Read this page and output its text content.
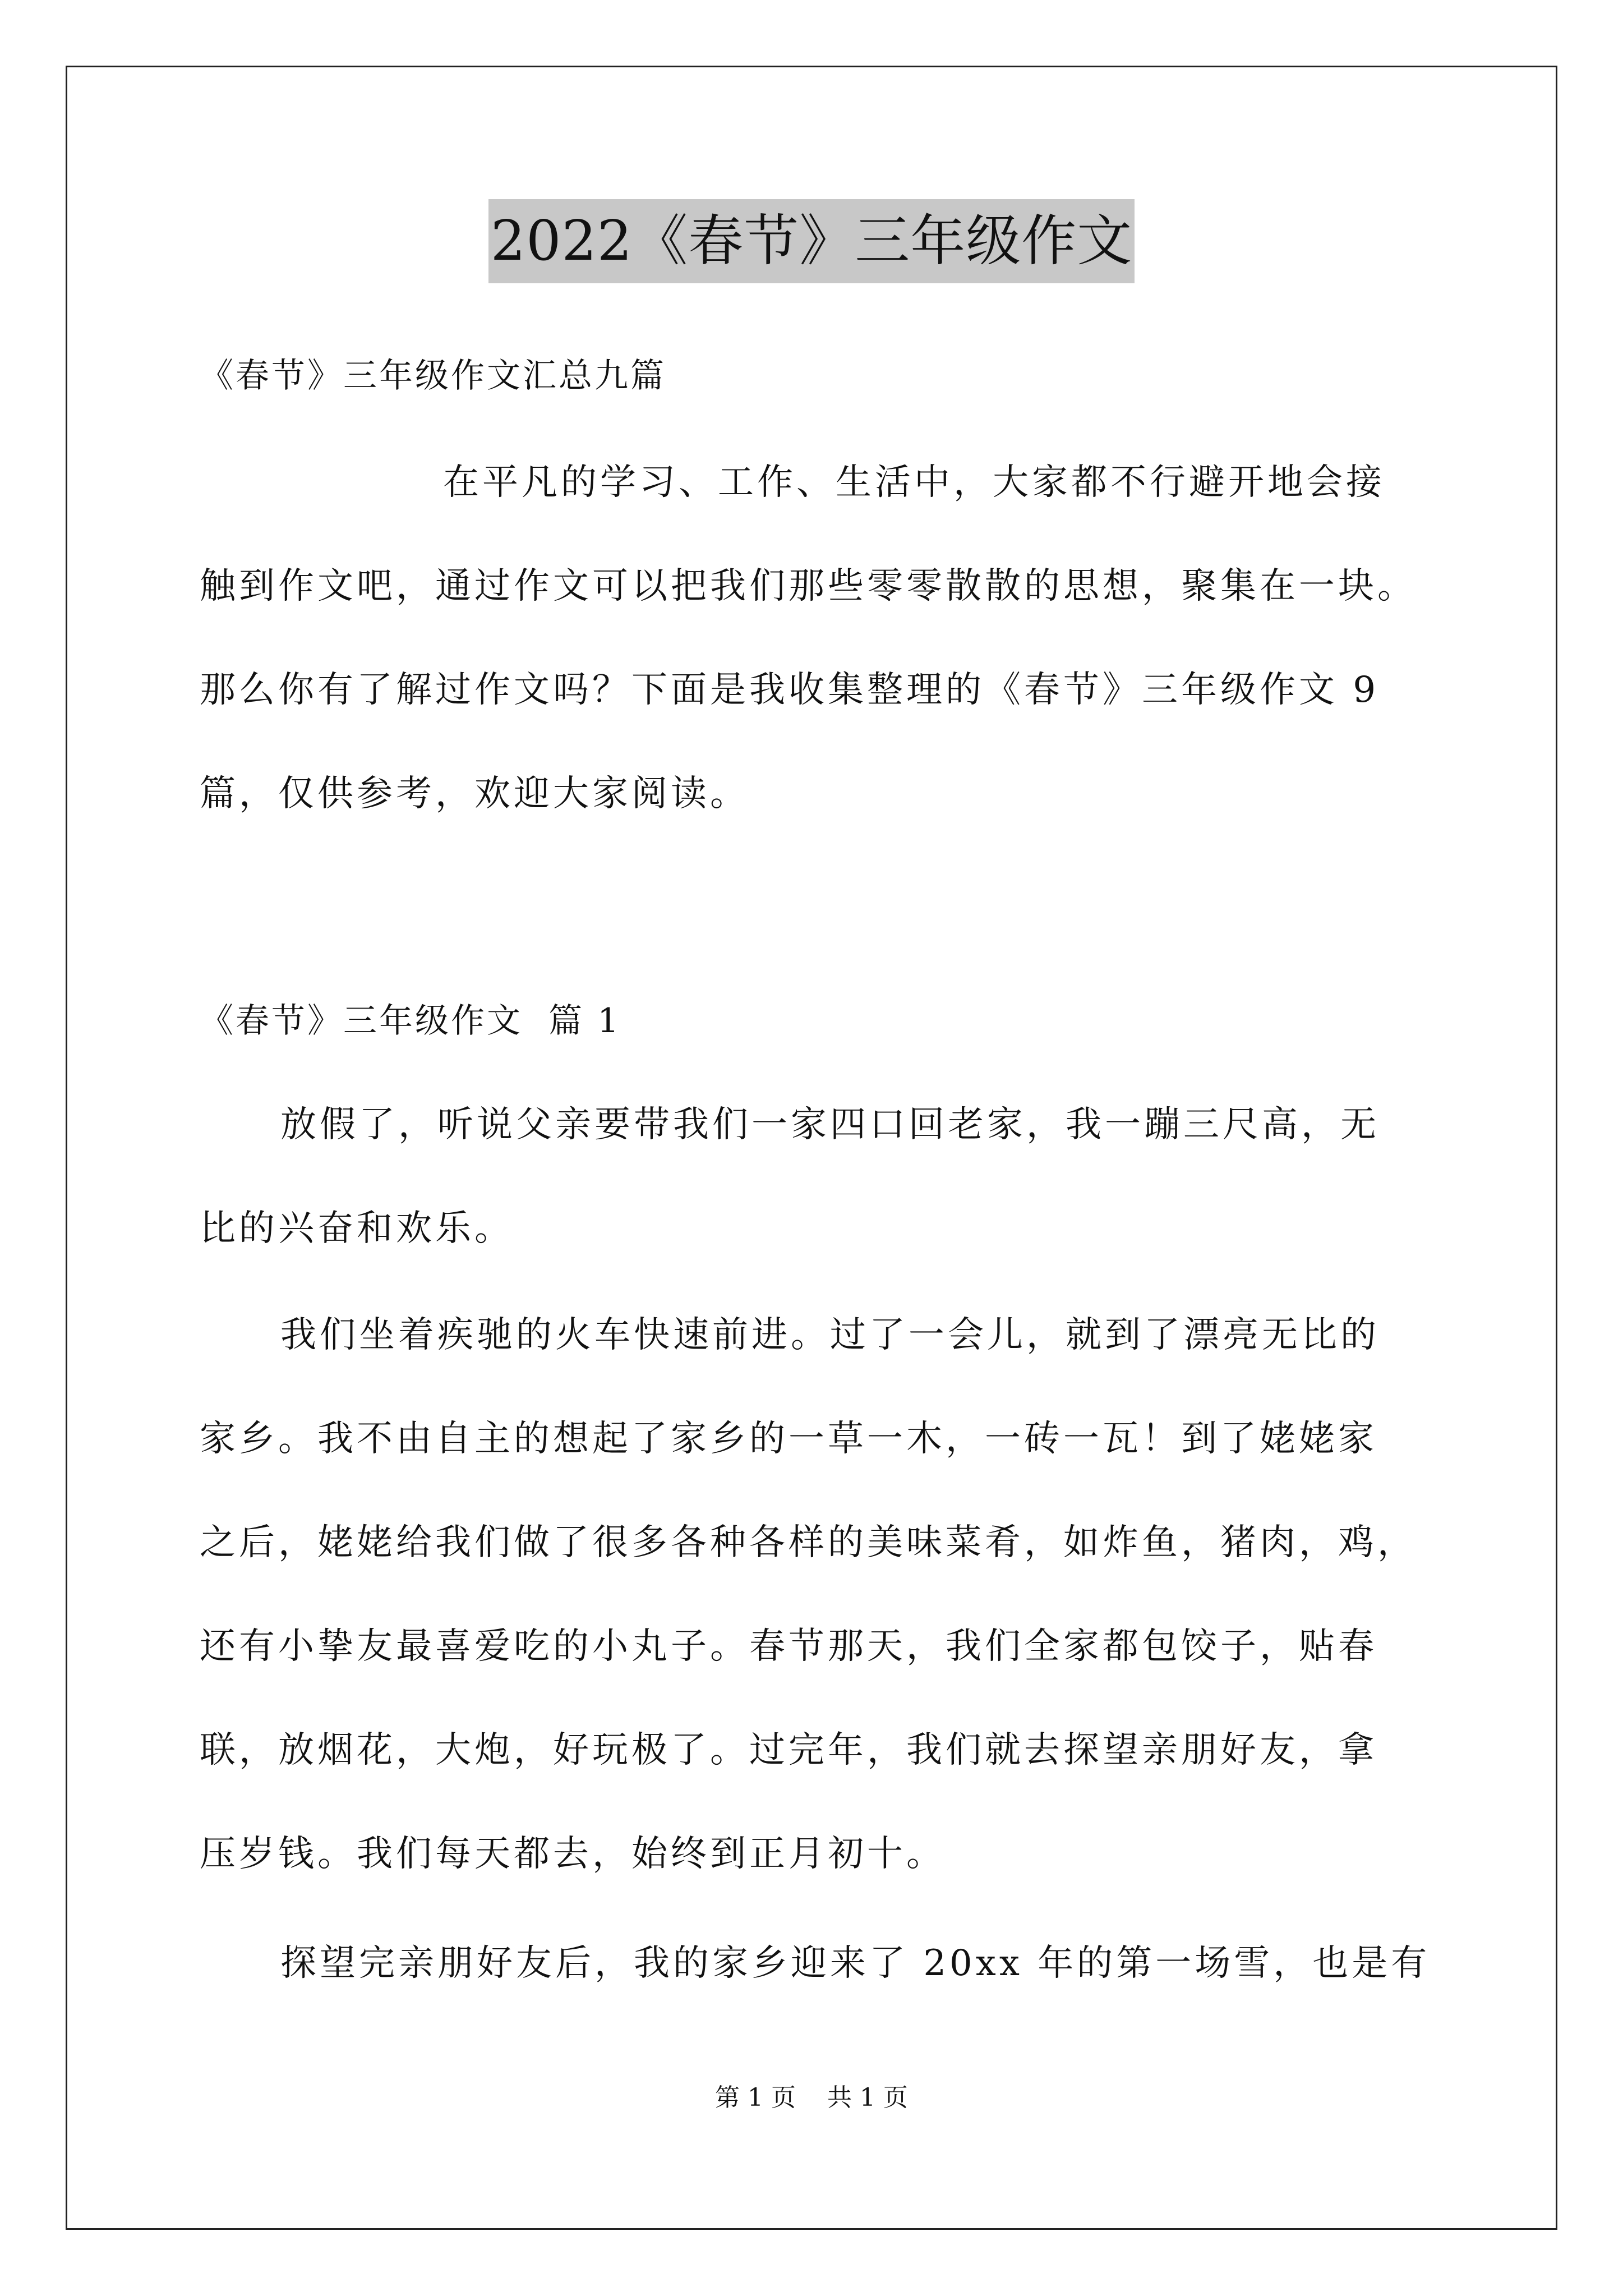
2022《春节》三年级作文
《春节》三年级作文汇总九篇
在平凡的学习、工作、生活中，大家都不行避开地会接
触到作文吧，通过作文可以把我们那些零零散散的思想，聚集在一块。
那么你有了解过作文吗？下面是我收集整理的《春节》三年级作文 9
篇，仅供参考，欢迎大家阅读。
《春节》三年级作文  篇 1
放假了，听说父亲要带我们一家四口回老家，我一蹦三尺高，无
比的兴奋和欢乐。
我们坐着疾驰的火车快速前进。过了一会儿，就到了漂亮无比的
家乡。我不由自主的想起了家乡的一草一木，一砖一瓦！到了姥姥家
之后，姥姥给我们做了很多各种各样的美味菜肴，如炸鱼，猪肉，鸡，
还有小挚友最喜爱吃的小丸子。春节那天，我们全家都包饺子，贴春
联，放烟花，大炮，好玩极了。过完年，我们就去探望亲朋好友，拿
压岁钱。我们每天都去，始终到正月初十。
探望完亲朋好友后，我的家乡迎来了 20xx 年的第一场雪，也是有
第 1 页    共 1 页
